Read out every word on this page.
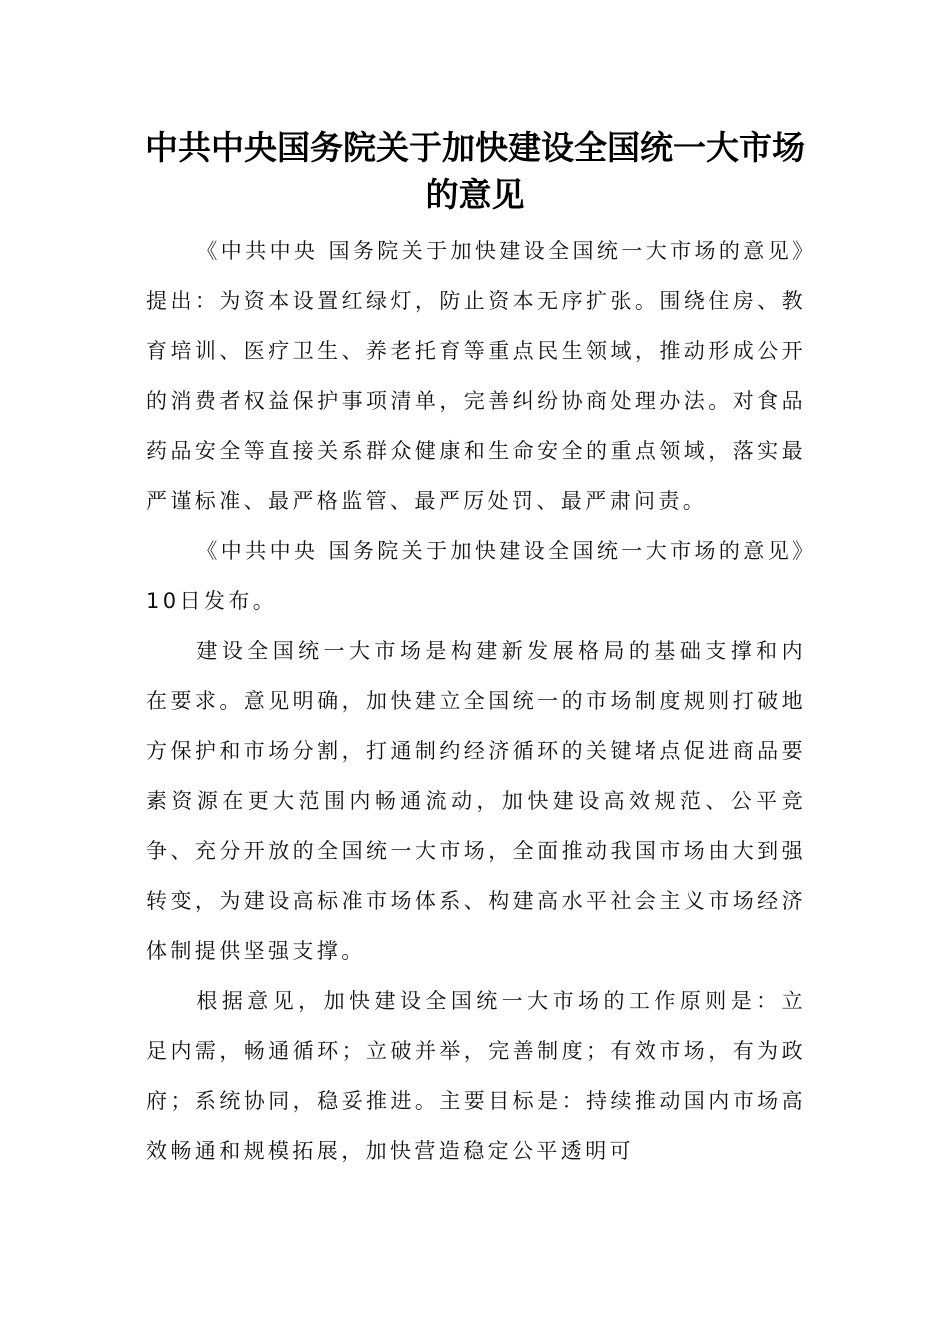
中共中央国务院关于加快建设全国统一大市场的意见

《中共中央 国务院关于加快建设全国统一大市场的意见》提出：为资本设置红绿灯，防止资本无序扩张。围绕住房、教育培训、医疗卫生、养老托育等重点民生领域，推动形成公开的消费者权益保护事项清单，完善纠纷协商处理办法。对食品药品安全等直接关系群众健康和生命安全的重点领域，落实最严谨标准、最严格监管、最严厉处罚、最严肃问责。

《中共中央 国务院关于加快建设全国统一大市场的意见》10日发布。

建设全国统一大市场是构建新发展格局的基础支撑和内在要求。意见明确，加快建立全国统一的市场制度规则打破地方保护和市场分割，打通制约经济循环的关键堵点促进商品要素资源在更大范围内畅通流动，加快建设高效规范、公平竞争、充分开放的全国统一大市场，全面推动我国市场由大到强转变，为建设高标准市场体系、构建高水平社会主义市场经济体制提供坚强支撑。

根据意见，加快建设全国统一大市场的工作原则是：立足内需，畅通循环；立破并举，完善制度；有效市场，有为政府；系统协同，稳妥推进。主要目标是：持续推动国内市场高效畅通和规模拓展，加快营造稳定公平透明可
